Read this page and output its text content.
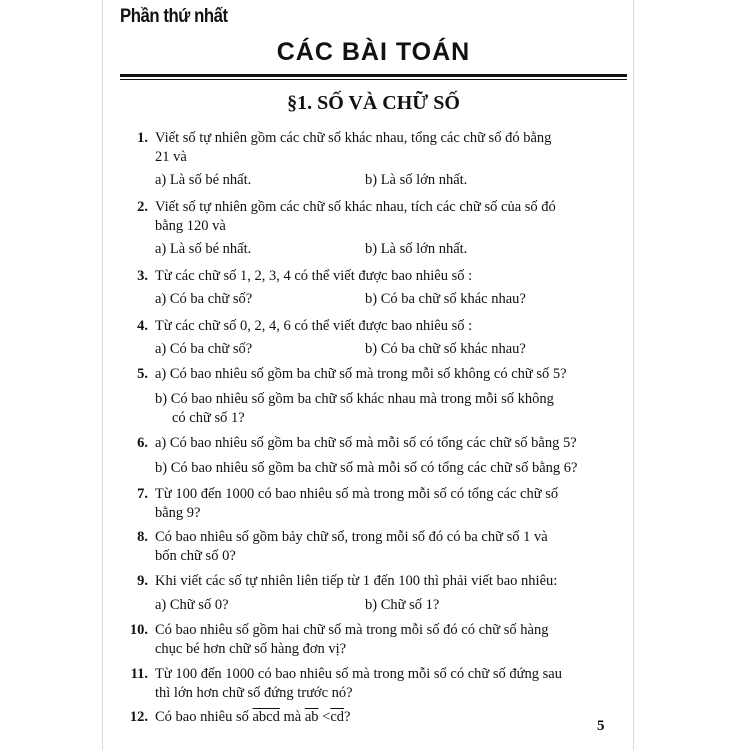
Phần thứ nhất
CÁC BÀI TOÁN
§1. SỐ VÀ CHỮ SỐ
1. Viết số tự nhiên gồm các chữ số khác nhau, tổng các chữ số đó bằng
21 và
a) Là số bé nhất.	b) Là số lớn nhất.
2. Viết số tự nhiên gồm các chữ số khác nhau, tích các chữ số của số đó
bằng 120 và
a) Là số bé nhất.	b) Là số lớn nhất.
3. Từ các chữ số 1, 2, 3, 4 có thể viết được bao nhiêu số :
a) Có ba chữ số?	b) Có ba chữ số khác nhau?
4. Từ các chữ số 0, 2, 4, 6 có thể viết được bao nhiêu số :
a) Có ba chữ số?	b) Có ba chữ số khác nhau?
5. a) Có bao nhiêu số gồm ba chữ số mà trong mỗi số không có chữ số 5?
b) Có bao nhiêu số gồm ba chữ số khác nhau mà trong mỗi số không
có chữ số 1?
6. a) Có bao nhiêu số gồm ba chữ số mà mỗi số có tổng các chữ số bằng 5?
b) Có bao nhiêu số gồm ba chữ số mà mỗi số có tổng các chữ số bằng 6?
7. Từ 100 đến 1000 có bao nhiêu số mà trong mỗi số có tổng các chữ số
bằng 9?
8. Có bao nhiêu số gồm bảy chữ số, trong mỗi số đó có ba chữ số 1 và
bốn chữ số 0?
9. Khi viết các số tự nhiên liên tiếp từ 1 đến 100 thì phải viết bao nhiêu:
a) Chữ số 0?	b) Chữ số 1?
10. Có bao nhiêu số gồm hai chữ số mà trong mỗi số đó có chữ số hàng
chục bé hơn chữ số hàng đơn vị?
11. Từ 100 đến 1000 có bao nhiêu số mà trong mỗi số có chữ số đứng sau
thì lớn hơn chữ số đứng trước nó?
12. Có bao nhiêu số abcd mà $\overline{ab} <\overline{cd}$?
5
